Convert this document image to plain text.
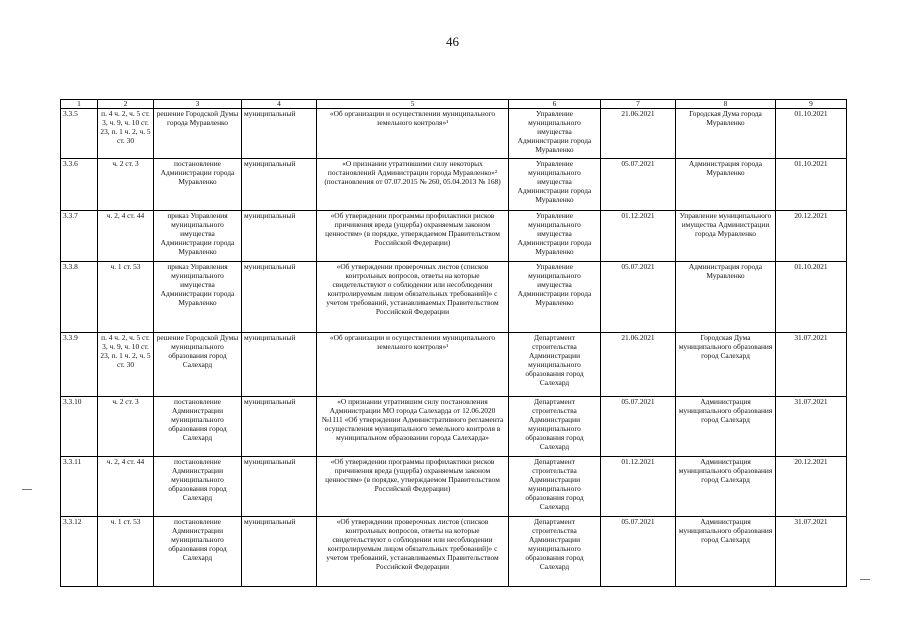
46
1	2	3	4	5	6	7	8	9
3.3.5	п. 4 ч. 2, ч. 5 ст. 3, ч. 9, ч. 10 ст. 23, п. 1 ч. 2, ч. 5 ст. 30	решение Городской Думы города Муравленко	муниципальный	«Об организации и осуществлении муниципального земельного контроля»¹	Управление муниципального имущества Администрации города Муравленко	21.06.2021	Городская Дума города Муравленко	01.10.2021
3.3.6	ч. 2 ст. 3	постановление Администрации города Муравленко	муниципальный	«О признании утратившими силу некоторых постановлений Администрации города Муравленко»² (постановления от 07.07.2015 № 260, 05.04.2013 № 168)	Управление муниципального имущества Администрации города Муравленко	05.07.2021	Администрация города Муравленко	01.10.2021
3.3.7	ч. 2, 4 ст. 44	приказ Управления муниципального имущества Администрации города Муравленко	муниципальный	«Об утверждении программы профилактики рисков причинения вреда (ущерба) охраняемым законом ценностям» (в порядке, утверждаемом Правительством Российской Федерации)	Управление муниципального имущества Администрации города Муравленко	01.12.2021	Управление муниципального имущества Администрации города Муравленко	20.12.2021
3.3.8	ч. 1 ст. 53	приказ Управления муниципального имущества Администрации города Муравленко	муниципальный	«Об утверждении проверочных листов (списков контрольных вопросов, ответы на которые свидетельствуют о соблюдении или несоблюдении контролируемым лицом обязательных требований)» с учетом требований, устанавливаемых Правительством Российской Федерации	Управление муниципального имущества Администрации города Муравленко	05.07.2021	Администрация города Муравленко	01.10.2021
3.3.9	п. 4 ч. 2, ч. 5 ст. 3, ч. 9, ч. 10 ст. 23, п. 1 ч. 2, ч. 5 ст. 30	решение Городской Думы муниципального образования город Салехард	муниципальный	«Об организации и осуществлении муниципального земельного контроля»¹	Департамент строительства Администрации муниципального образования город Салехард	21.06.2021	Городская Дума муниципального образования город Салехард	31.07.2021
3.3.10	ч. 2 ст. 3	постановление Администрации муниципального образования город Салехард	муниципальный	«О признании утратившим силу постановления Администрации МО города Салехарда от 12.06.2020 №1111 «Об утверждении Административного регламента осуществления муниципального земельного контроля в муниципальном образовании города Салехарда»	Департамент строительства Администрации муниципального образования город Салехард	05.07.2021	Администрация муниципального образования город Салехард	31.07.2021
3.3.11	ч. 2, 4 ст. 44	постановление Администрации муниципального образования город Салехард	муниципальный	«Об утверждении программы профилактики рисков причинения вреда (ущерба) охраняемым законом ценностям» (в порядке, утверждаемом Правительством Российской Федерации)	Департамент строительства Администрации муниципального образования город Салехард	01.12.2021	Администрация муниципального образования город Салехард	20.12.2021
3.3.12	ч. 1 ст. 53	постановление Администрации муниципального образования город Салехард	муниципальный	«Об утверждении проверочных листов (списков контрольных вопросов, ответы на которые свидетельствуют о соблюдении или несоблюдении контролируемым лицом обязательных требований)» с учетом требований, устанавливаемых Правительством Российской Федерации	Департамент строительства Администрации муниципального образования город Салехард	05.07.2021	Администрация муниципального образования город Салехард	31.07.2021
